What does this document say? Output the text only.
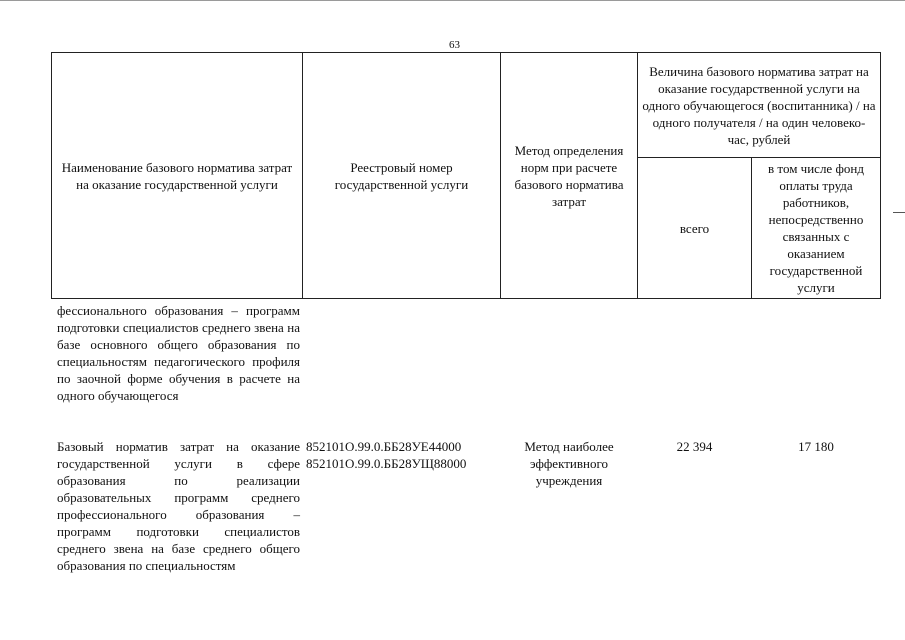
63
Наименование базового норматива затрат на оказание государственной услуги
Реестровый номер государственной услуги
Метод определения норм при расчете базового норматива затрат
Величина базового норматива затрат на оказание государственной услуги на одного обучающегося (воспитанника) / на одного получателя / на один человеко-час, рублей
всего
в том числе фонд оплаты труда работников, непосредственно связанных с оказанием государственной услуги
фессионального образования – программ подготовки специалистов среднего звена на базе основного общего образования по специальностям педагогического профиля по заочной форме обучения в расчете на одного обучающегося
Базовый норматив затрат на оказание государственной услуги в сфере образования по реализации образовательных программ среднего профессионального образования – программ подготовки специалистов среднего звена на базе среднего общего образования по специальностям
852101О.99.0.ББ28УЕ44000
852101О.99.0.ББ28УЩ88000
Метод наиболее эффективного учреждения
22 394	17 180
